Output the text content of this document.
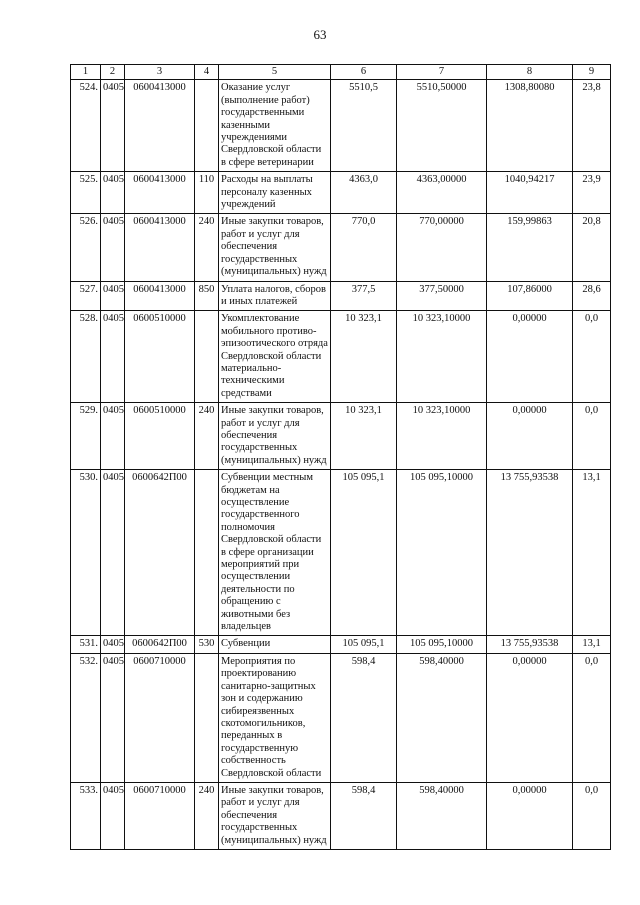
63
1	2	3	4	5	6	7	8	9
524.	0405	0600413000		Оказание услуг (выполнение работ) государственными казенными учреждениями Свердловской области в сфере ветеринарии	5510,5	5510,50000	1308,80080	23,8
525.	0405	0600413000	110	Расходы на выплаты персоналу казенных учреждений	4363,0	4363,00000	1040,94217	23,9
526.	0405	0600413000	240	Иные закупки товаров, работ и услуг для обеспечения государственных (муниципальных) нужд	770,0	770,00000	159,99863	20,8
527.	0405	0600413000	850	Уплата налогов, сборов и иных платежей	377,5	377,50000	107,86000	28,6
528.	0405	0600510000		Укомплектование мобильного противо-эпизоотического отряда Свердловской области материально-техническими средствами	10 323,1	10 323,10000	0,00000	0,0
529.	0405	0600510000	240	Иные закупки товаров, работ и услуг для обеспечения государственных (муниципальных) нужд	10 323,1	10 323,10000	0,00000	0,0
530.	0405	0600642П00		Субвенции местным бюджетам на осуществление государственного полномочия Свердловской области в сфере организации мероприятий при осуществлении деятельности по обращению с животными без владельцев	105 095,1	105 095,10000	13 755,93538	13,1
531.	0405	0600642П00	530	Субвенции	105 095,1	105 095,10000	13 755,93538	13,1
532.	0405	0600710000		Мероприятия по проектированию санитарно-защитных зон и содержанию сибиреязвенных скотомогильников, переданных в государственную собственность Свердловской области	598,4	598,40000	0,00000	0,0
533.	0405	0600710000	240	Иные закупки товаров, работ и услуг для обеспечения государственных (муниципальных) нужд	598,4	598,40000	0,00000	0,0
